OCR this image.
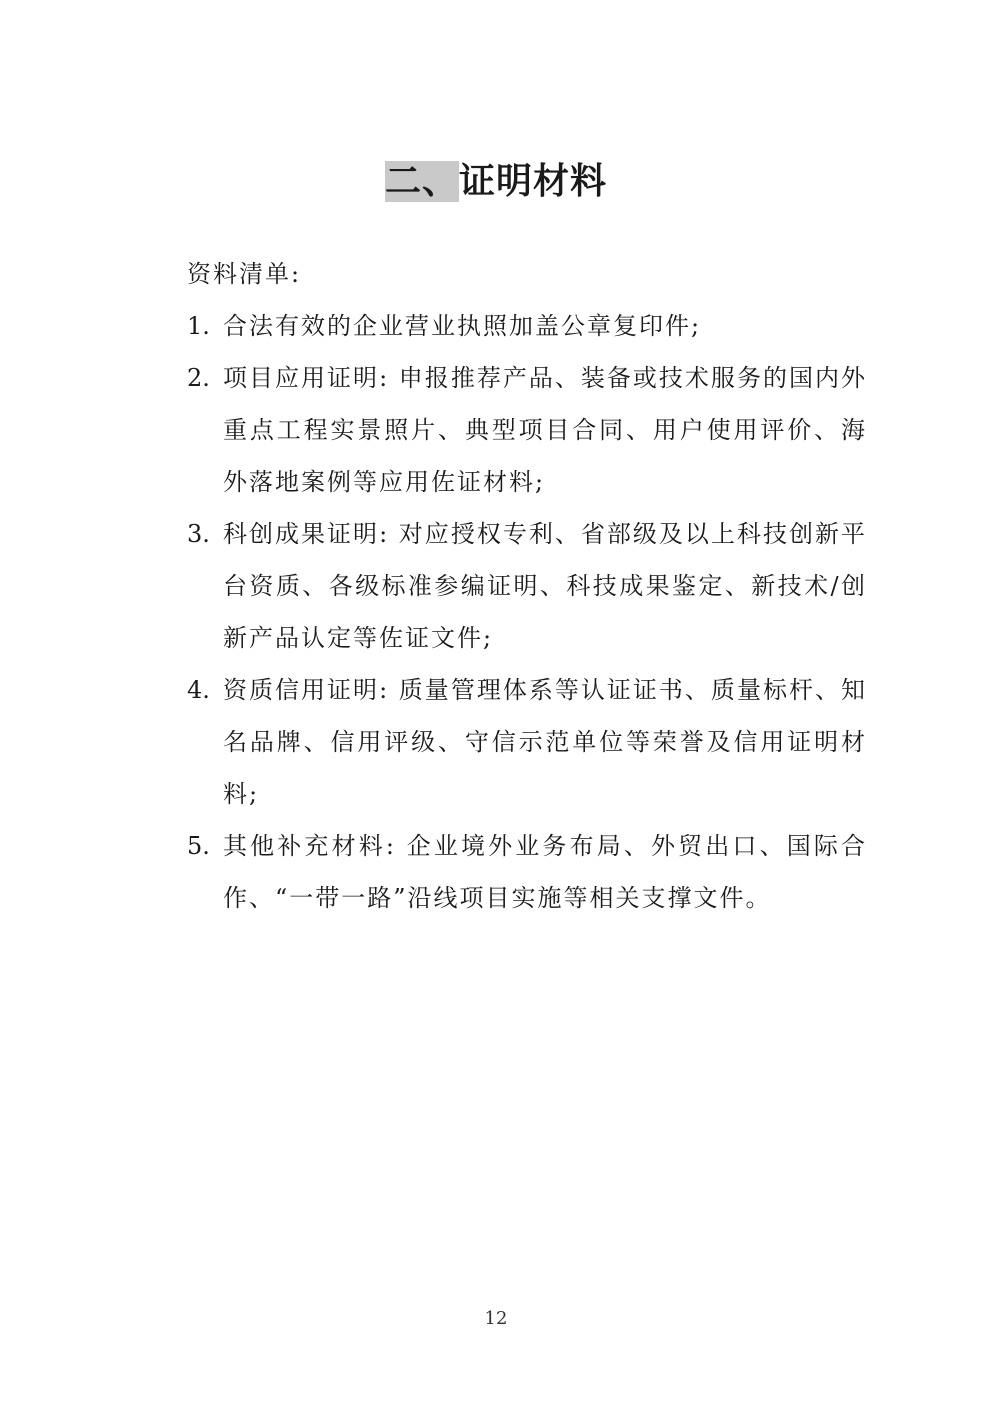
二、证明材料

资料清单:

1. 合法有效的企业营业执照加盖公章复印件;
2. 项目应用证明: 申报推荐产品、装备或技术服务的国内外重点工程实景照片、典型项目合同、用户使用评价、海外落地案例等应用佐证材料;
3. 科创成果证明: 对应授权专利、省部级及以上科技创新平台资质、各级标准参编证明、科技成果鉴定、新技术/创新产品认定等佐证文件;
4. 资质信用证明: 质量管理体系等认证证书、质量标杆、知名品牌、信用评级、守信示范单位等荣誉及信用证明材料;
5. 其他补充材料: 企业境外业务布局、外贸出口、国际合作、“一带一路”沿线项目实施等相关支撑文件。
12
